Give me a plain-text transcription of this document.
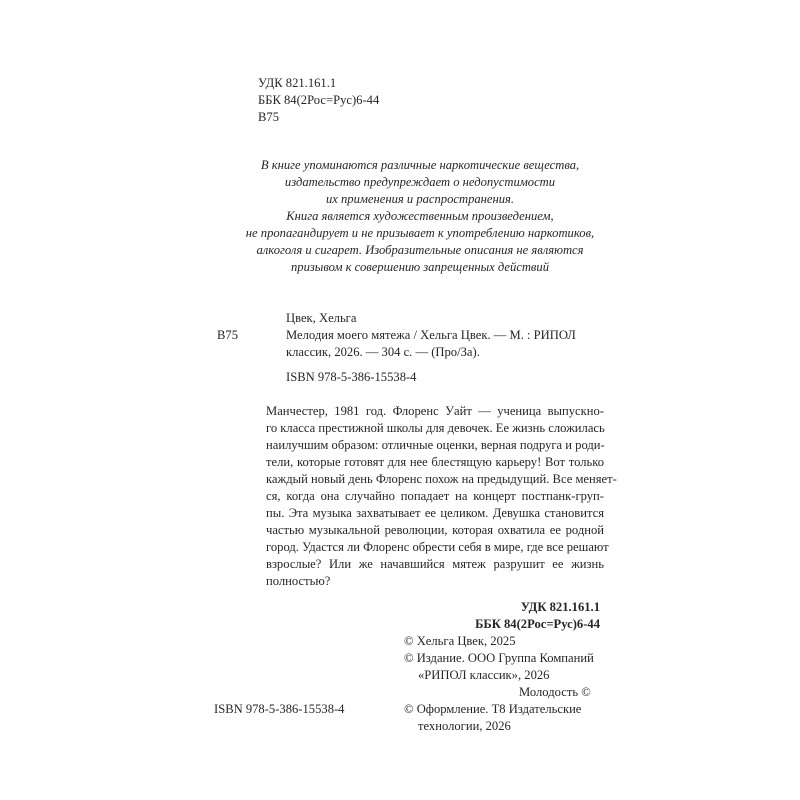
УДК 821.161.1
ББК 84(2Рос=Рус)6-44
В75
В книге упоминаются различные наркотические вещества,
издательство предупреждает о недопустимости
их применения и распространения.
Книга является художественным произведением,
не пропагандирует и не призывает к употреблению наркотиков,
алкоголя и сигарет. Изобразительные описания не являются
призывом к совершению запрещенных действий
Цвек, Хельга
В75	Мелодия моего мятежа / Хельга Цвек. — М. : РИПОЛ
классик, 2026. — 304 с. — (Про/За).
ISBN 978-5-386-15538-4
Манчестер, 1981 год. Флоренс Уайт — ученица выпускно-
го класса престижной школы для девочек. Ее жизнь сложилась
наилучшим образом: отличные оценки, верная подруга и роди-
тели, которые готовят для нее блестящую карьеру! Вот только
каждый новый день Флоренс похож на предыдущий. Все меняет-
ся, когда она случайно попадает на концерт постпанк-груп-
пы. Эта музыка захватывает ее целиком. Девушка становится
частью музыкальной революции, которая охватила ее родной
город. Удастся ли Флоренс обрести себя в мире, где все решают
взрослые? Или же начавшийся мятеж разрушит ее жизнь
полностью?
УДК 821.161.1
ББК 84(2Рос=Рус)6-44
© Хельга Цвек, 2025
© Издание. ООО Группа Компаний
«РИПОЛ классик», 2026
Молодость ©
© Оформление. Т8 Издательские
технологии, 2026
ISBN 978-5-386-15538-4
